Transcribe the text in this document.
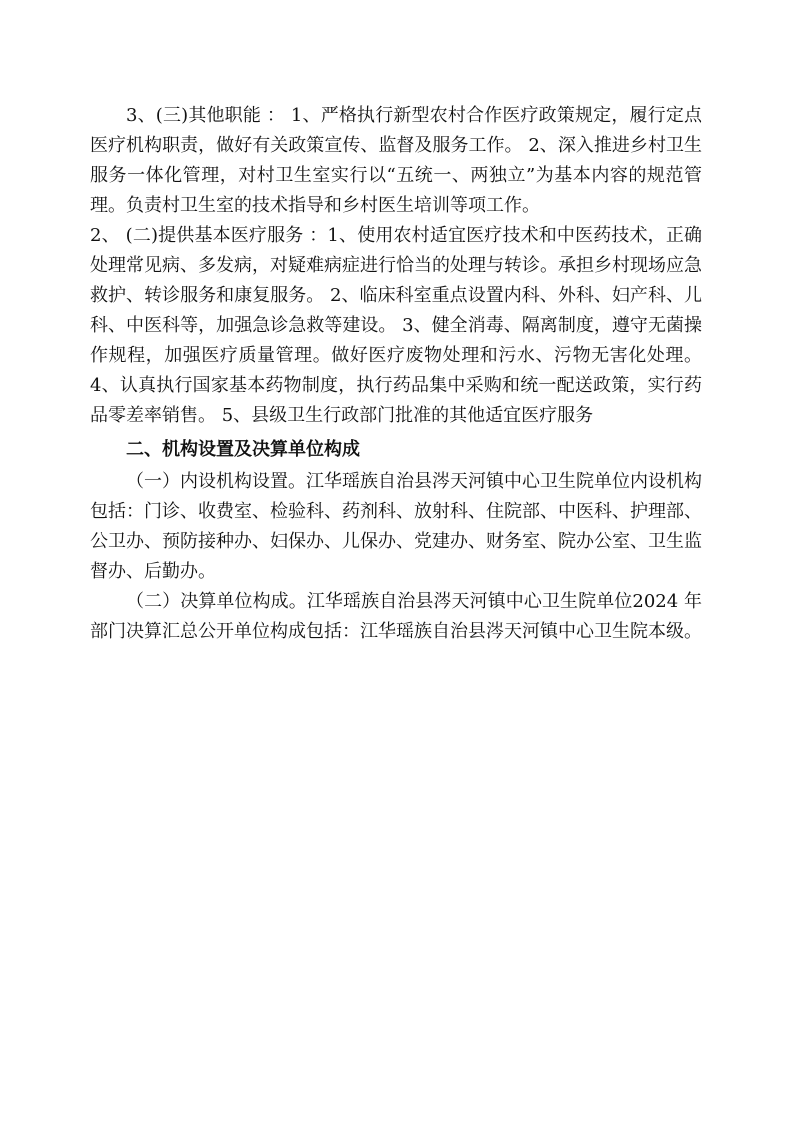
3、(三)其他职能 ： 1、严格执行新型农村合作医疗政策规定，履行定点医疗机构职责，做好有关政策宣传、监督及服务工作。 2、深入推进乡村卫生服务一体化管理，对村卫生室实行以“五统一、两独立”为基本内容的规范管理。负责村卫生室的技术指导和乡村医生培训等项工作。

2、 (二)提供基本医疗服务 ：1、使用农村适宜医疗技术和中医药技术，正确处理常见病、多发病，对疑难病症进行恰当的处理与转诊。承担乡村现场应急救护、转诊服务和康复服务。 2、临床科室重点设置内科、外科、妇产科、儿科、中医科等，加强急诊急救等建设。 3、健全消毒、隔离制度，遵守无菌操作规程，加强医疗质量管理。做好医疗废物处理和污水、污物无害化处理。 4、认真执行国家基本药物制度，执行药品集中采购和统一配送政策，实行药品零差率销售。 5、县级卫生行政部门批准的其他适宜医疗服务

二、机构设置及决算单位构成

（一）内设机构设置。江华瑶族自治县涔天河镇中心卫生院单位内设机构包括：门诊、收费室、检验科、药剂科、放射科、住院部、中医科、护理部、公卫办、预防接种办、妇保办、儿保办、党建办、财务室、院办公室、卫生监督办、后勤办。

（二）决算单位构成。江华瑶族自治县涔天河镇中心卫生院单位2024 年部门决算汇总公开单位构成包括：江华瑶族自治县涔天河镇中心卫生院本级。
